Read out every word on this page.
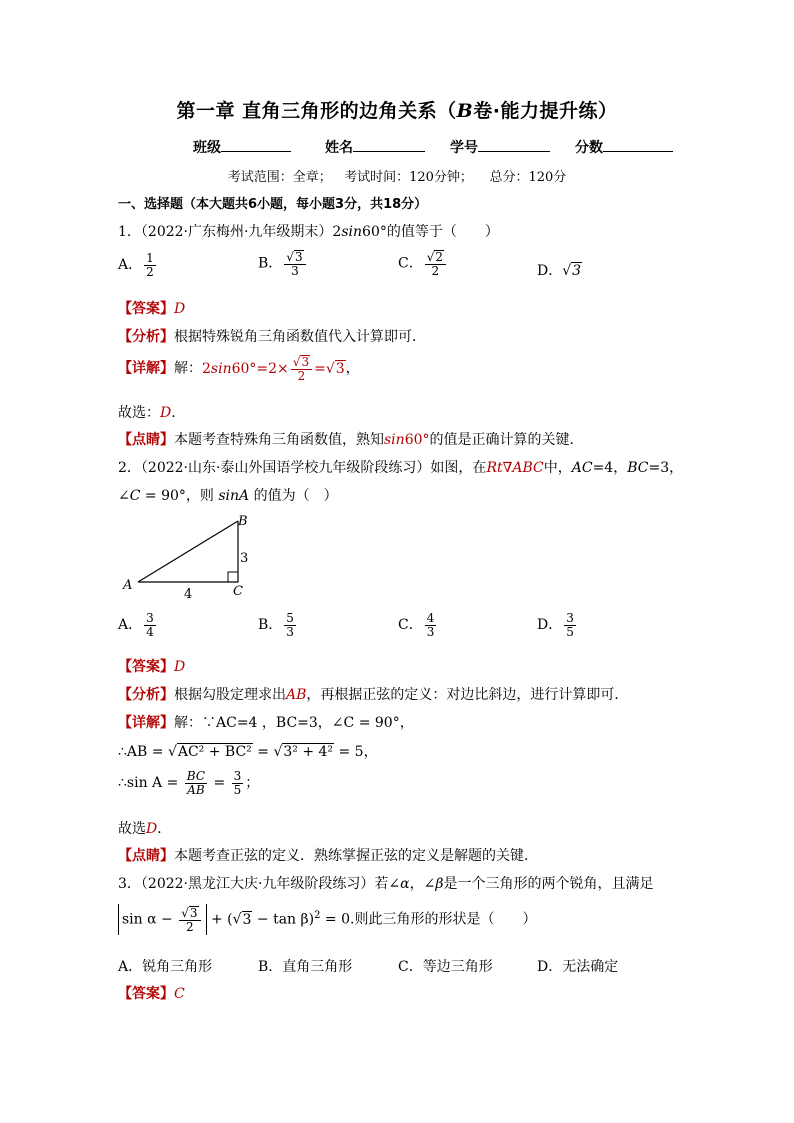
第一章 直角三角形的边角关系（B卷·能力提升练）
班级	姓名	学号	分数
考试范围：全章； 考试时间：120分钟； 总分：120分
一、选择题（本大题共6小题，每小题3分，共18分）
1．（2022·广东梅州·九年级期末）2sin60°的值等于（　　）
A． $\frac{1}{2}$	B． $\frac{√3}{3}$	C． $\frac{√2}{2}$	D．√3
【答案】D
【分析】根据特殊锐角三角函数值代入计算即可．
【详解】解：$2\sin 60^\circ=2\times \frac{√3}{2} =√3$，
故选：D．
【点睛】本题考查特殊角三角函数值，熟知sin60°的值是正确计算的关键．
2．（2022·山东·泰山外国语学校九年级阶段练习）如图，在Rt∇ABC中，AC=4，BC=3，
∠C = 90°，则 sinA 的值为（　）
A
B
C
3
4
A． $\frac{3}{4}$	B． $\frac{5}{3}$	C． $\frac{4}{3}$	D． $\frac{3}{5}$
【答案】D
【分析】根据勾股定理求出AB，再根据正弦的定义：对边比斜边，进行计算即可．
【详解】解：∵AC=4 ，BC=3，∠C = 90°，
∴AB = √AC² + BC² = √3² + 4² = 5，
∴sin $A = \frac{BC}{AB} = \frac{3}{5}$ ；
故选D．
【点睛】本题考查正弦的定义．熟练掌握正弦的定义是解题的关键．
3．（2022·黑龙江大庆·九年级阶段练习）若∠α，∠β是一个三角形的两个锐角，且满足
$\sin \alpha - \frac{√3}{2} + (√3 - \tan \beta)^2 = 0$.则此三角形的形状是（　　）
A．锐角三角形	B．直角三角形	C．等边三角形	D．无法确定
【答案】C
